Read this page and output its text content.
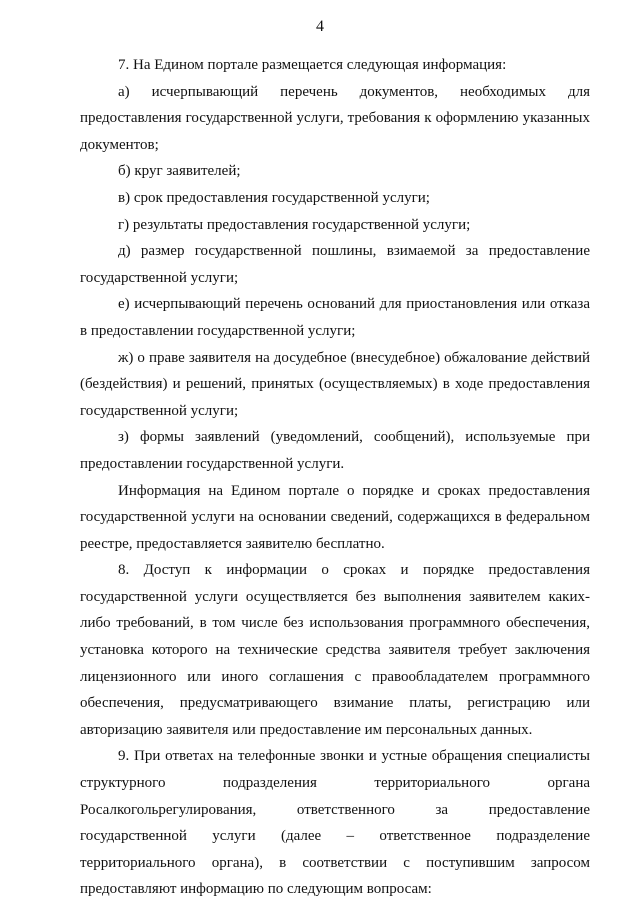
4

7. На Едином портале размещается следующая информация:

а) исчерпывающий перечень документов, необходимых для предоставления государственной услуги, требования к оформлению указанных документов;

б) круг заявителей;

в) срок предоставления государственной услуги;

г) результаты предоставления государственной услуги;

д) размер государственной пошлины, взимаемой за предоставление государственной услуги;

е) исчерпывающий перечень оснований для приостановления или отказа в предоставлении государственной услуги;

ж) о праве заявителя на досудебное (внесудебное) обжалование действий (бездействия) и решений, принятых (осуществляемых) в ходе предоставления государственной услуги;

з) формы заявлений (уведомлений, сообщений), используемые при предоставлении государственной услуги.

Информация на Едином портале о порядке и сроках предоставления государственной услуги на основании сведений, содержащихся в федеральном реестре, предоставляется заявителю бесплатно.

8. Доступ к информации о сроках и порядке предоставления государственной услуги осуществляется без выполнения заявителем каких-либо требований, в том числе без использования программного обеспечения, установка которого на технические средства заявителя требует заключения лицензионного или иного соглашения с правообладателем программного обеспечения, предусматривающего взимание платы, регистрацию или авторизацию заявителя или предоставление им персональных данных.

9. При ответах на телефонные звонки и устные обращения специалисты структурного подразделения территориального органа Росалкогольрегулирования, ответственного за предоставление государственной услуги (далее – ответственное подразделение территориального органа), в соответствии с поступившим запросом предоставляют информацию по следующим вопросам:
